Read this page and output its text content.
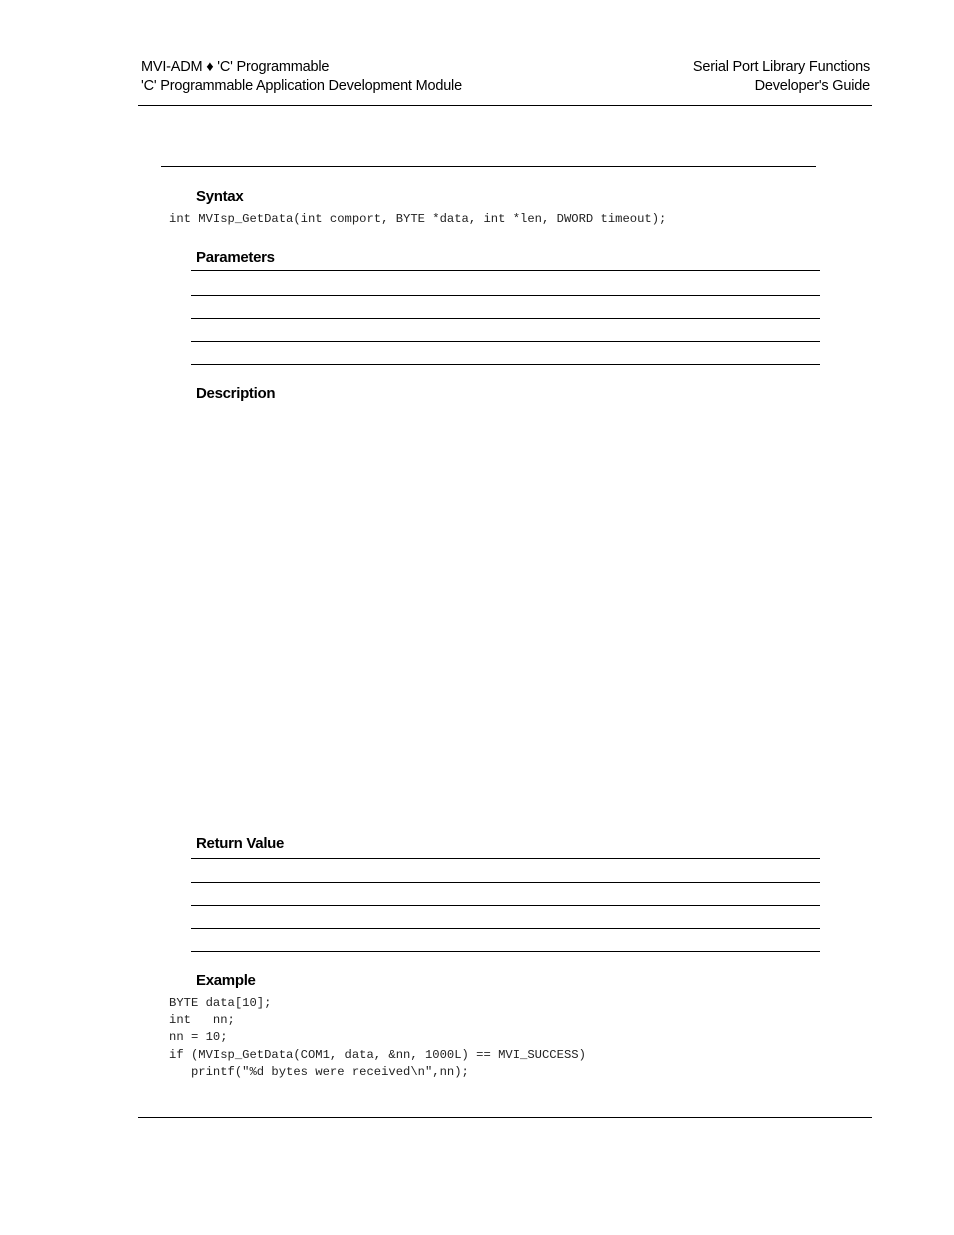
MVI-ADM ♦ 'C' Programmable
'C' Programmable Application Development Module
Serial Port Library Functions
Developer's Guide
Syntax
int MVIsp_GetData(int comport, BYTE *data, int *len, DWORD timeout);
Parameters
Description
Return Value
Example
BYTE data[10];
int   nn;
nn = 10;
if (MVIsp_GetData(COM1, data, &nn, 1000L) == MVI_SUCCESS)
printf("%d bytes were received\n",nn);
